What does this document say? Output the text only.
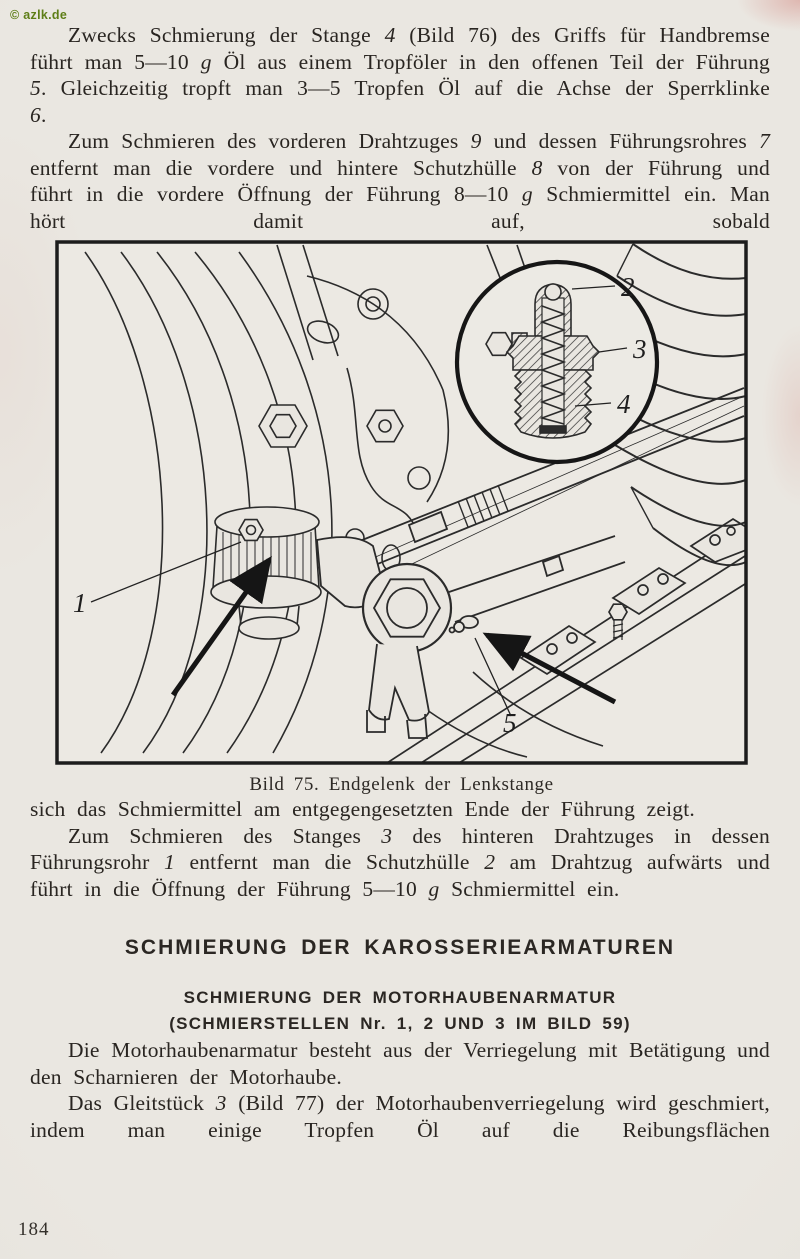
© azlk.de

Zwecks Schmierung der Stange 4 (Bild 76) des Griffs für Handbremse führt man 5—10 g Öl aus einem Tropföler in den offenen Teil der Führung 5. Gleichzeitig tropft man 3—5 Tropfen Öl auf die Achse der Sperrklinke 6.

Zum Schmieren des vorderen Drahtzuges 9 und dessen Führungsrohres 7 entfernt man die vordere und hintere Schutzhülle 8 von der Führung und führt in die vordere Öffnung der Führung 8—10 g Schmiermittel ein. Man hört damit auf, sobald

2
3
4
1
5
Bild 75. Endgelenk der Lenkstange

sich das Schmiermittel am entgegengesetzten Ende der Führung zeigt.

Zum Schmieren des Stanges 3 des hinteren Drahtzuges in dessen Führungsrohr 1 entfernt man die Schutzhülle 2 am Drahtzug aufwärts und führt in die Öffnung der Führung 5—10 g Schmiermittel ein.

SCHMIERUNG DER KAROSSERIEARMATUREN
SCHMIERUNG DER MOTORHAUBENARMATUR
(SCHMIERSTELLEN Nr. 1, 2 UND 3 IM BILD 59)

Die Motorhaubenarmatur besteht aus der Verriegelung mit Betätigung und den Scharnieren der Motorhaube.

Das Gleitstück 3 (Bild 77) der Motorhaubenverriegelung wird geschmiert, indem man einige Tropfen Öl auf die Reibungsflächen

184
